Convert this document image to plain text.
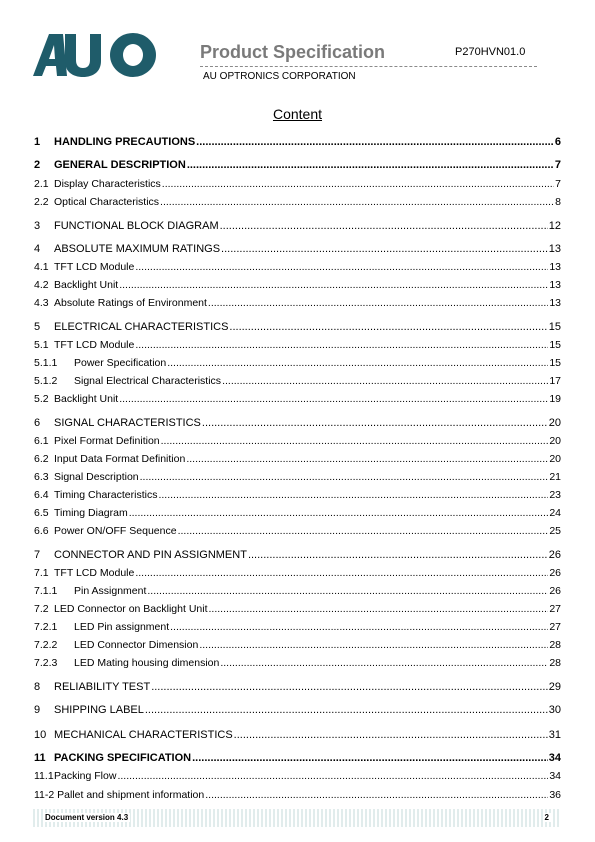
Product Specification	P270HVN01.0
AU OPTRONICS CORPORATION
Content
1	HANDLING PRECAUTIONS .....	6
2	GENERAL DESCRIPTION .....	7
2.1 Display Characteristics .....	7
2.2 Optical Characteristics .....	8
3	FUNCTIONAL BLOCK DIAGRAM .....	12
4	ABSOLUTE MAXIMUM RATINGS .....	13
4.1 TFT LCD Module .....	13
4.2 Backlight Unit .....	13
4.3 Absolute Ratings of Environment .....	13
5	ELECTRICAL CHARACTERISTICS .....	15
5.1 TFT LCD Module .....	15
5.1.1	Power Specification .....	15
5.1.2	Signal Electrical Characteristics .....	17
5.2 Backlight Unit .....	19
6	SIGNAL CHARACTERISTICS .....	20
6.1 Pixel Format Definition .....	20
6.2 Input Data Format Definition .....	20
6.3 Signal Description .....	21
6.4 Timing Characteristics .....	23
6.5 Timing Diagram .....	24
6.6 Power ON/OFF Sequence .....	25
7	CONNECTOR AND PIN ASSIGNMENT .....	26
7.1 TFT LCD Module .....	26
7.1.1	Pin Assignment .....	26
7.2 LED Connector on Backlight Unit .....	27
7.2.1	LED Pin assignment .....	27
7.2.2	LED Connector Dimension .....	28
7.2.3	LED Mating housing dimension .....	28
8	RELIABILITY TEST .....	29
9	SHIPPING LABEL .....	30
10 MECHANICAL CHARACTERISTICS .....	31
11 PACKING SPECIFICATION .....	34
11.1 Packing Flow .....	34
11-2 Pallet and shipment information .....	36
Document version 4.3	2
